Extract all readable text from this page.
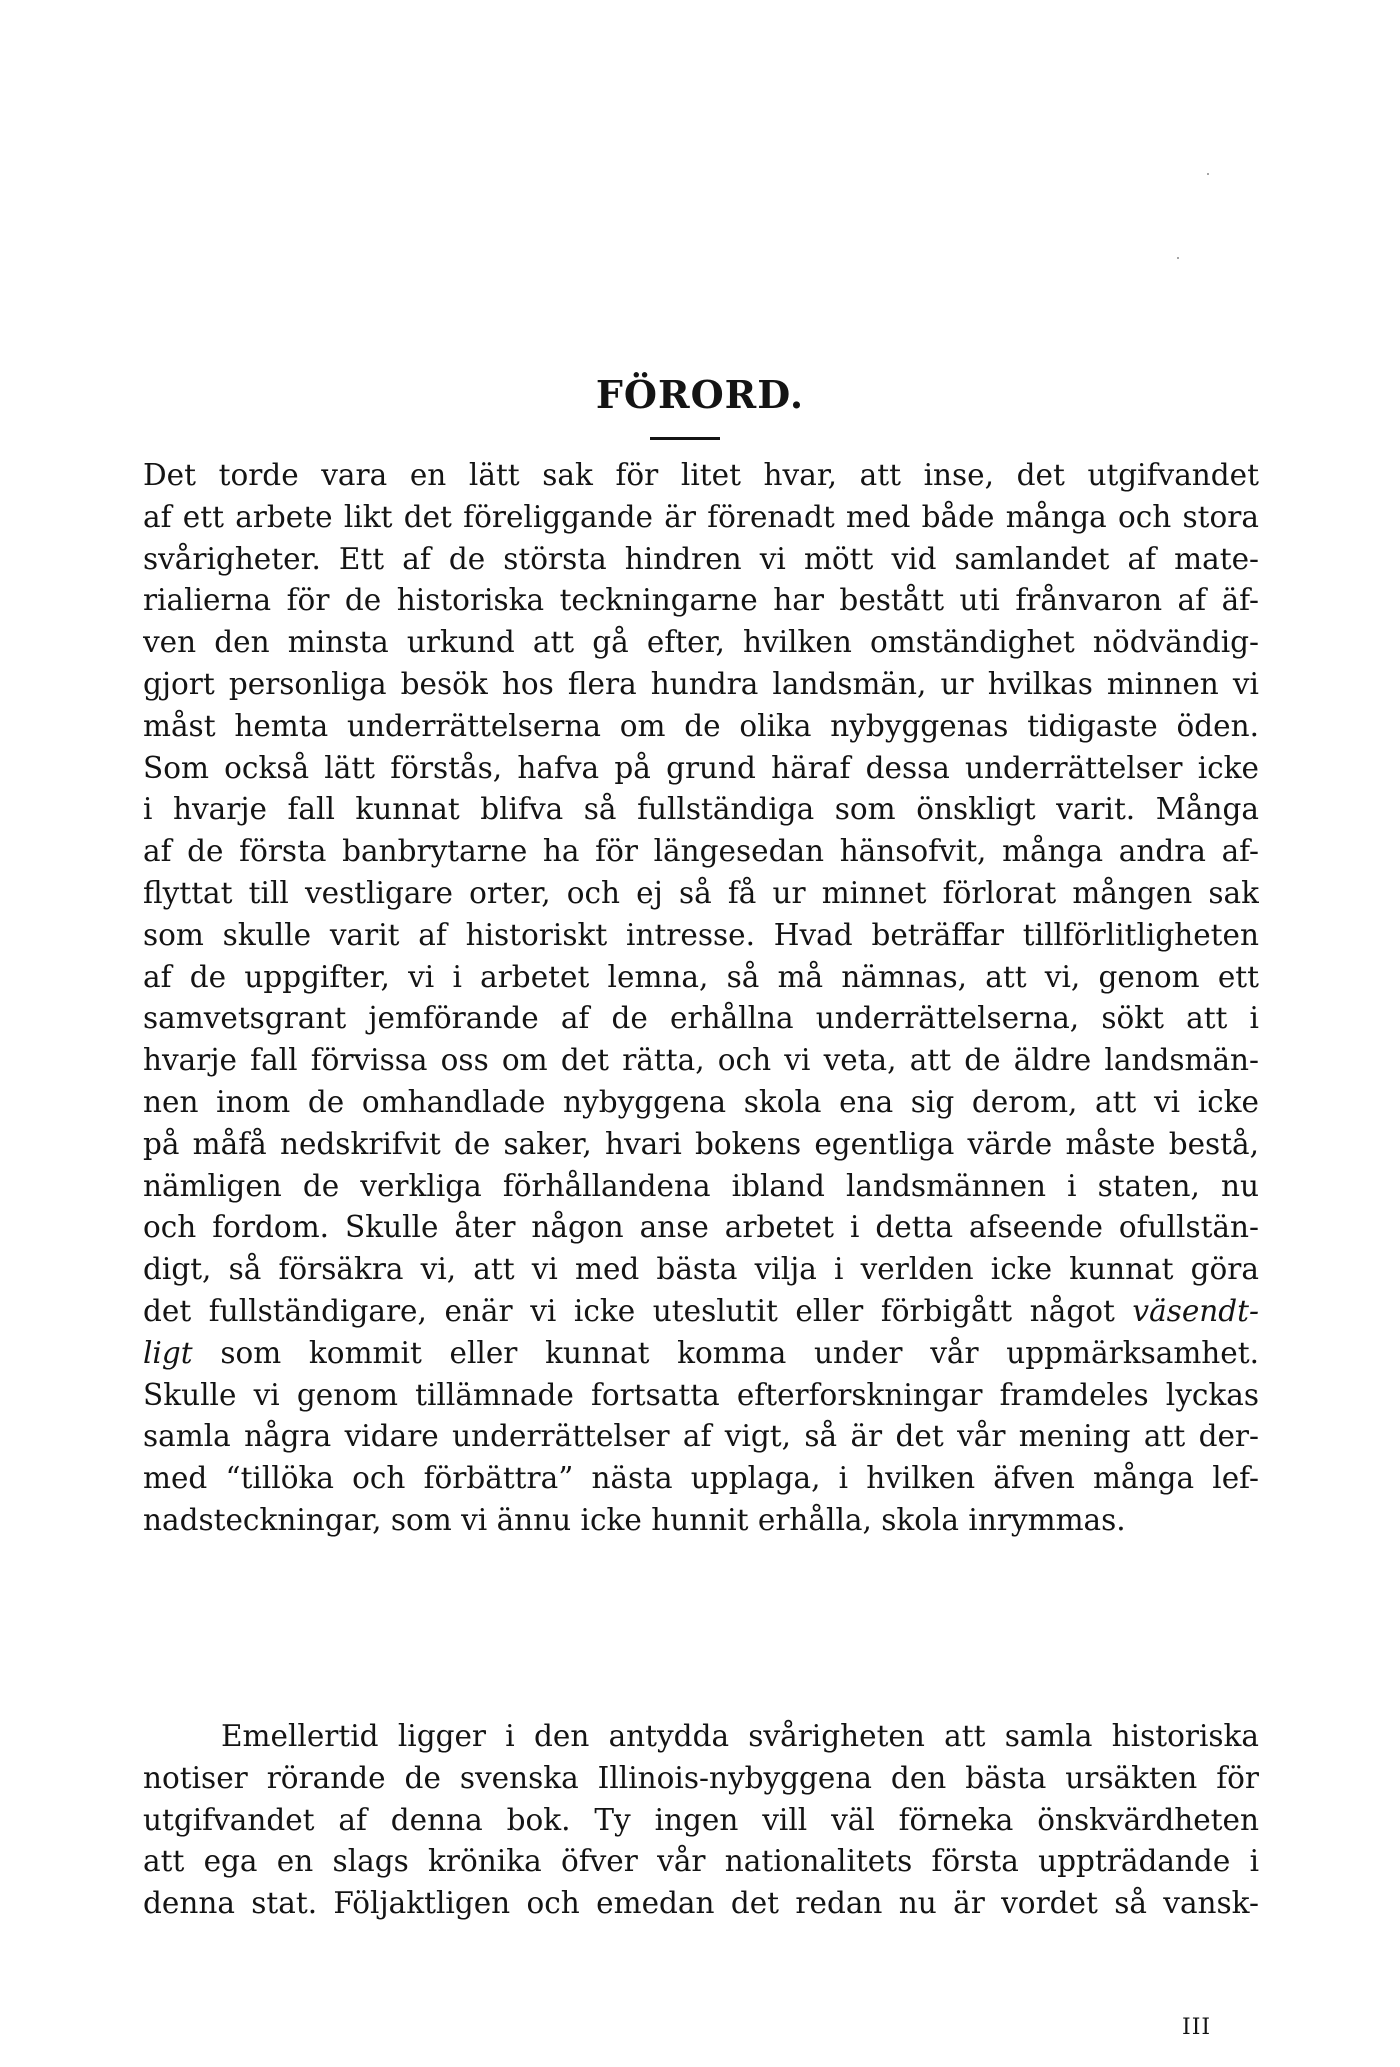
FÖRORD.
Det torde vara en lätt sak för litet hvar, att inse, det utgifvandet
af ett arbete likt det föreliggande är förenadt med både många och stora
svårigheter. Ett af de största hindren vi mött vid samlandet af mate-
rialierna för de historiska teckningarne har bestått uti frånvaron af äf-
ven den minsta urkund att gå efter, hvilken omständighet nödvändig-
gjort personliga besök hos flera hundra landsmän, ur hvilkas minnen vi
måst hemta underrättelserna om de olika nybyggenas tidigaste öden.
Som också lätt förstås, hafva på grund häraf dessa underrättelser icke
i hvarje fall kunnat blifva så fullständiga som önskligt varit. Många
af de första banbrytarne ha för längesedan hänsofvit, många andra af-
flyttat till vestligare orter, och ej så få ur minnet förlorat mången sak
som skulle varit af historiskt intresse. Hvad beträffar tillförlitligheten
af de uppgifter, vi i arbetet lemna, så må nämnas, att vi, genom ett
samvetsgrant jemförande af de erhållna underrättelserna, sökt att i
hvarje fall förvissa oss om det rätta, och vi veta, att de äldre landsmän-
nen inom de omhandlade nybyggena skola ena sig derom, att vi icke
på måfå nedskrifvit de saker, hvari bokens egentliga värde måste bestå,
nämligen de verkliga förhållandena ibland landsmännen i staten, nu
och fordom. Skulle åter någon anse arbetet i detta afseende ofullstän-
digt, så försäkra vi, att vi med bästa vilja i verlden icke kunnat göra
det fullständigare, enär vi icke uteslutit eller förbigått något väsendt-
ligt som kommit eller kunnat komma under vår uppmärksamhet.
Skulle vi genom tillämnade fortsatta efterforskningar framdeles lyckas
samla några vidare underrättelser af vigt, så är det vår mening att der-
med “tillöka och förbättra” nästa upplaga, i hvilken äfven många lef-
nadsteckningar, som vi ännu icke hunnit erhålla, skola inrymmas.
Emellertid ligger i den antydda svårigheten att samla historiska
notiser rörande de svenska Illinois-nybyggena den bästa ursäkten för
utgifvandet af denna bok. Ty ingen vill väl förneka önskvärdheten
att ega en slags krönika öfver vår nationalitets första uppträdande i
denna stat. Följaktligen och emedan det redan nu är vordet så vansk-
III
